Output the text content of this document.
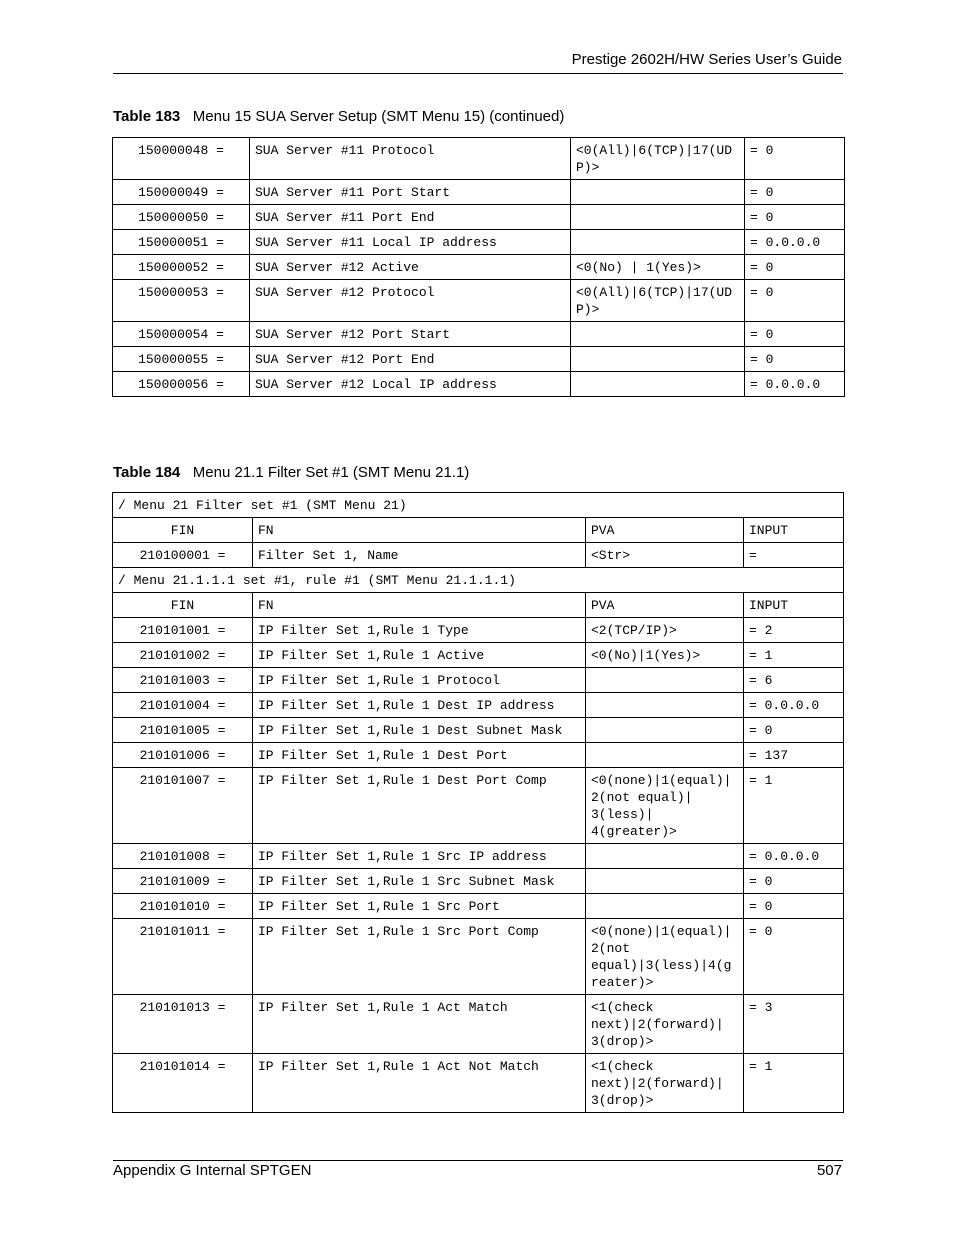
Prestige 2602H/HW Series User’s Guide
Table 183 Menu 15 SUA Server Setup (SMT Menu 15) (continued)
150000048 =	SUA Server #11 Protocol	<0(All)|6(TCP)|17(UDP)>	= 0
150000049 =	SUA Server #11 Port Start		= 0
150000050 =	SUA Server #11 Port End		= 0
150000051 =	SUA Server #11 Local IP address		= 0.0.0.0
150000052 =	SUA Server #12 Active	<0(No) | 1(Yes)>	= 0
150000053 =	SUA Server #12 Protocol	<0(All)|6(TCP)|17(UDP)>	= 0
150000054 =	SUA Server #12 Port Start		= 0
150000055 =	SUA Server #12 Port End		= 0
150000056 =	SUA Server #12 Local IP address		= 0.0.0.0
Table 184 Menu 21.1 Filter Set #1 (SMT Menu 21.1)
/ Menu 21 Filter set #1 (SMT Menu 21)			
FIN	FN	PVA	INPUT
210100001 =	Filter Set 1, Name	<Str>	=
/ Menu 21.1.1.1 set #1, rule #1 (SMT Menu 21.1.1.1)			
FIN	FN	PVA	INPUT
210101001 =	IP Filter Set 1,Rule 1 Type	<2(TCP/IP)>	= 2
210101002 =	IP Filter Set 1,Rule 1 Active	<0(No)|1(Yes)>	= 1
210101003 =	IP Filter Set 1,Rule 1 Protocol		= 6
210101004 =	IP Filter Set 1,Rule 1 Dest IP address		= 0.0.0.0
210101005 =	IP Filter Set 1,Rule 1 Dest Subnet Mask		= 0
210101006 =	IP Filter Set 1,Rule 1 Dest Port		= 137
210101007 =	IP Filter Set 1,Rule 1 Dest Port Comp	<0(none)|1(equal)|2(not equal)|
3(less)|
4(greater)>	= 1
210101008 =	IP Filter Set 1,Rule 1 Src IP address		= 0.0.0.0
210101009 =	IP Filter Set 1,Rule 1 Src Subnet Mask		= 0
210101010 =	IP Filter Set 1,Rule 1 Src Port		= 0
210101011 =	IP Filter Set 1,Rule 1 Src Port Comp	<0(none)|1(equal)|2(not
equal)|3(less)|4(greater)>	= 0
210101013 =	IP Filter Set 1,Rule 1 Act Match	<1(check
next)|2(forward)|
3(drop)>	= 3
210101014 =	IP Filter Set 1,Rule 1 Act Not Match	<1(check
next)|2(forward)|
3(drop)>	= 1
Appendix G Internal SPTGEN	507
